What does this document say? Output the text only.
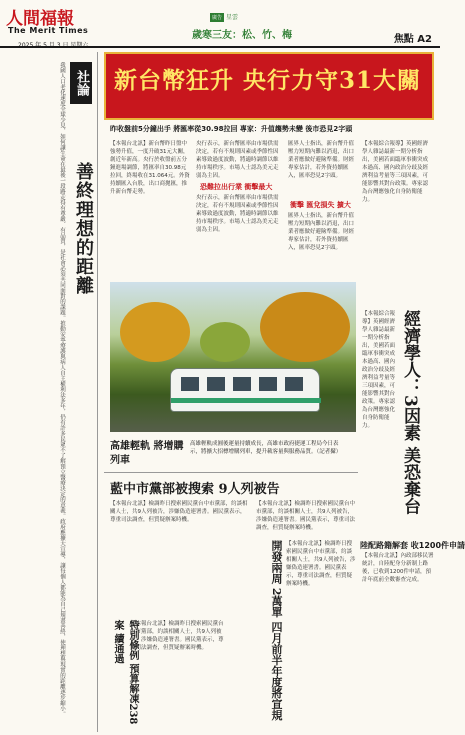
人間福報
The Merit Times
2025 年 5 月 3 日 星期六
廣告 星雲
歲寒三友：松、竹、梅	焦點 A2
社論
善終理想的距離
我國人口老化速度全球少見，如何讓生命在最後一段路走得有尊嚴、有品質，是社會必須共同面對的課題。推動安寧療護與病人自主權利法多年，仍有許多民眾不了解預立醫療決定的意義。政府應擴大宣導，讓每個人都能為自己規畫善終，使理想與現實的距離逐步縮小。 新台幣狂升 央行力守31大關
昨收盤前5分鐘出手 將匯率從30.98拉回 專家：升值趨勢未變 後市恐見2字頭
【本報台北訊】新台幣昨日盤中強勢升值，一度升破31元大關，創近年新高。央行於收盤前五分鐘進場調節，將匯率自30.98元拉回，終場收在31.064元。外資持續匯入台股，出口商拋匯，推升新台幣走勢。
央行表示，新台幣匯率由市場供需決定，若有不規則因素或季節性因素導致過度波動，將適時調節以維持市場秩序。市場人士認為美元走弱為主因。
恐難拉出行業 衝擊最大
央行表示，新台幣匯率由市場供需決定，若有不規則因素或季節性因素導致過度波動，將適時調節以維持市場秩序。市場人士認為美元走弱為主因。
匯界人士指出，新台幣升值壓力短期內難以消退，出口業者應做好避險準備。財經專家估計，若外資持續匯入，匯率恐見2字頭。
衝擊 匯兌損失 擴大
匯界人士指出，新台幣升值壓力短期內難以消退，出口業者應做好避險準備。財經專家估計，若外資持續匯入，匯率恐見2字頭。
經濟學人：3因素 美恐棄台
【本報綜合報導】英國經濟學人雜誌最新一期分析指出，美國若面臨軍事衝突成本過高、國內政治分歧及經濟利益考量等三項因素，可能影響其對台政策。專家認為台灣應強化自身防衛能力。
【本報綜合報導】英國經濟學人雜誌最新一期分析指出，美國若面臨軍事衝突成本過高、國內政治分歧及經濟利益考量等三項因素，可能影響其對台政策。專家認為台灣應強化自身防衛能力。
高雄輕軌 將增購列車
高雄輕軌成圓後運量持續成長，高雄市政府捷運工程局今日表示，將擴大招標增購列車，提升載客量與服務品質。（記者攝）
藍中市黨部被搜索 9人列被告
【本報台北訊】檢調昨日搜索國民黨台中市黨部，約談相關人士，共9人列被告，涉嫌偽造連署書。國民黨表示，尊重司法調查，但質疑辦案時機。
【本報台北訊】檢調昨日搜索國民黨台中市黨部，約談相關人士，共9人列被告，涉嫌偽造連署書。國民黨表示，尊重司法調查，但質疑辦案時機。
特別條例 預算解凍238案 續通過	【本報台北訊】檢調昨日搜索國民黨台中市黨部，約談相關人士，共9人列被告，涉嫌偽造連署書。國民黨表示，尊重司法調查，但質疑辦案時機。	開發兩周 2萬單 四月前半年度將宣規 【本報台北訊】檢調昨日搜索國民黨台中市黨部，約談相關人士，共9人列被告，涉嫌偽造連署書。國民黨表示，尊重司法調查，但質疑辦案時機。
陸配路籍解套 收1200件申請
【本報台北訊】內政部移民署統計，自陸配身分新制上路後，已收到1200件申請，預計年底前全數審查完成。
